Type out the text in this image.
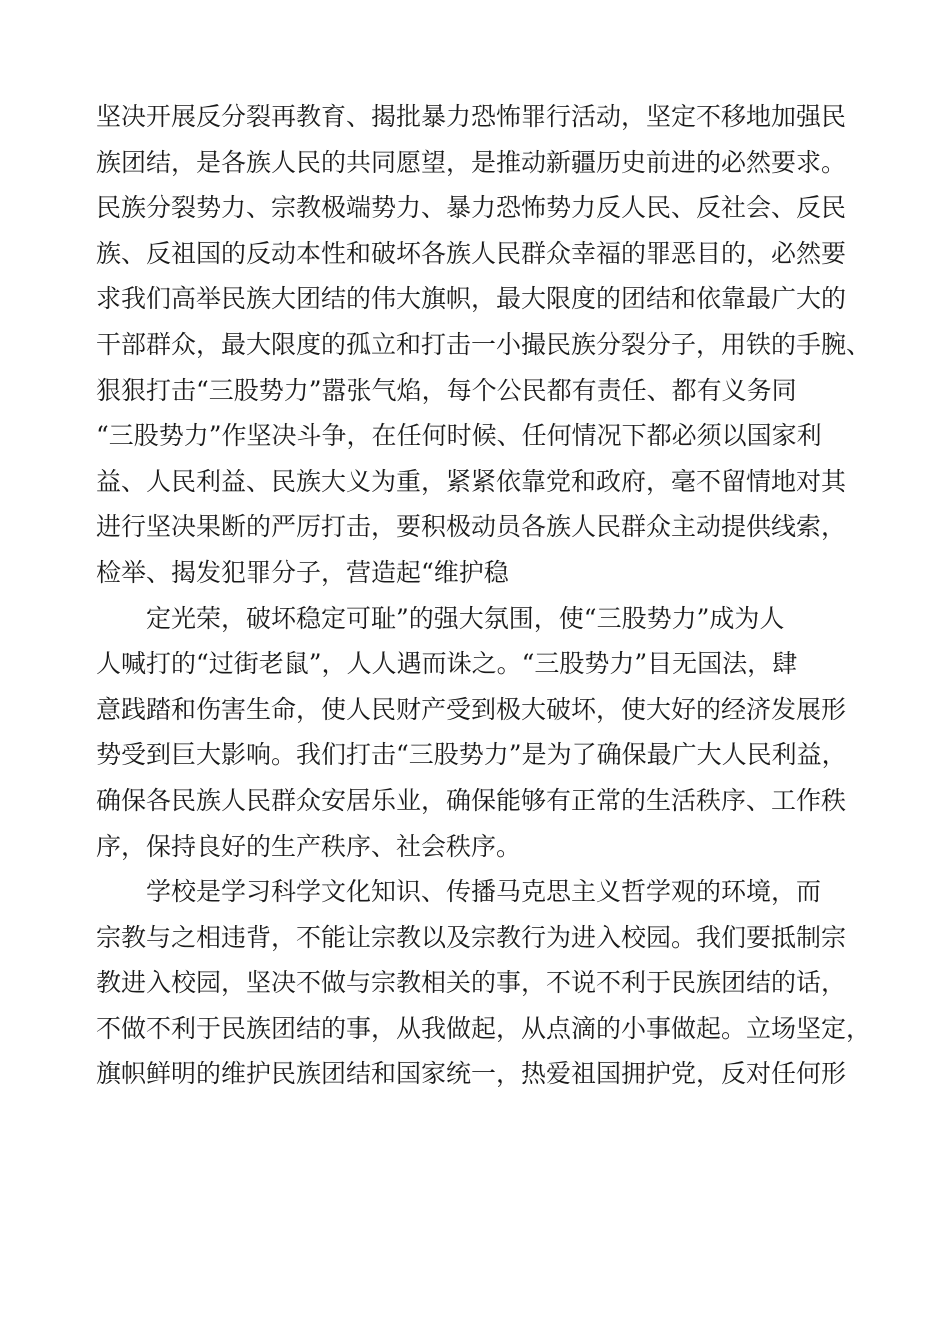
坚决开展反分裂再教育、揭批暴力恐怖罪行活动，坚定不移地加强民
族团结，是各族人民的共同愿望，是推动新疆历史前进的必然要求。
民族分裂势力、宗教极端势力、暴力恐怖势力反人民、反社会、反民
族、反祖国的反动本性和破坏各族人民群众幸福的罪恶目的，必然要
求我们高举民族大团结的伟大旗帜，最大限度的团结和依靠最广大的
干部群众，最大限度的孤立和打击一小撮民族分裂分子，用铁的手腕、
狠狠打击“三股势力”嚣张气焰，每个公民都有责任、都有义务同
“三股势力”作坚决斗争，在任何时候、任何情况下都必须以国家利
益、人民利益、民族大义为重，紧紧依靠党和政府，毫不留情地对其
进行坚决果断的严厉打击，要积极动员各族人民群众主动提供线索，
检举、揭发犯罪分子，营造起“维护稳
定光荣，破坏稳定可耻”的强大氛围，使“三股势力”成为人
人喊打的“过街老鼠”，人人遇而诛之。“三股势力”目无国法，肆
意践踏和伤害生命，使人民财产受到极大破坏，使大好的经济发展形
势受到巨大影响。我们打击“三股势力”是为了确保最广大人民利益，
确保各民族人民群众安居乐业，确保能够有正常的生活秩序、工作秩
序，保持良好的生产秩序、社会秩序。
学校是学习科学文化知识、传播马克思主义哲学观的环境，而
宗教与之相违背，不能让宗教以及宗教行为进入校园。我们要抵制宗
教进入校园，坚决不做与宗教相关的事，不说不利于民族团结的话，
不做不利于民族团结的事，从我做起，从点滴的小事做起。立场坚定，
旗帜鲜明的维护民族团结和国家统一，热爱祖国拥护党，反对任何形
